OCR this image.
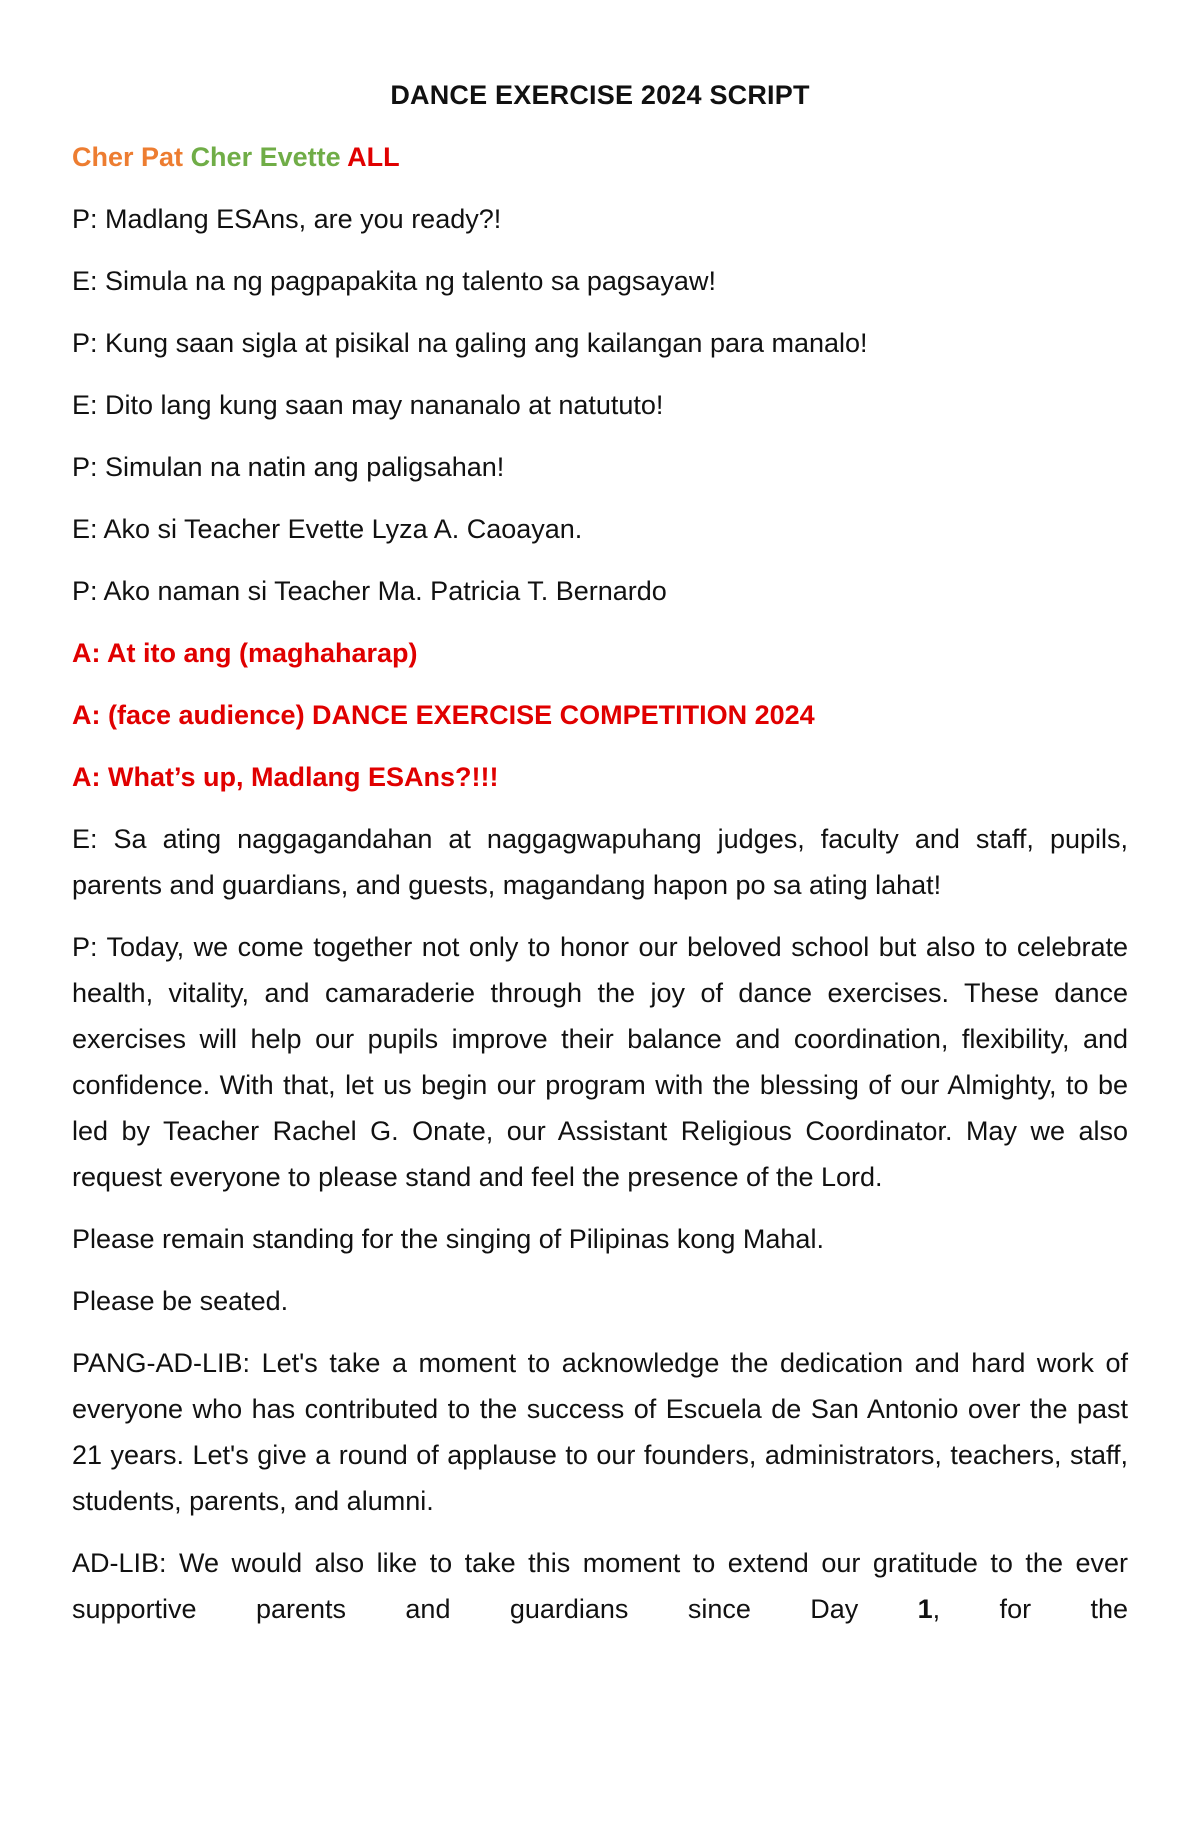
DANCE EXERCISE 2024 SCRIPT
Cher Pat Cher Evette ALL

P: Madlang ESAns, are you ready?!

E: Simula na ng pagpapakita ng talento sa pagsayaw!

P: Kung saan sigla at pisikal na galing ang kailangan para manalo!

E: Dito lang kung saan may nananalo at natututo!

P: Simulan na natin ang paligsahan!

E: Ako si Teacher Evette Lyza A. Caoayan.

P: Ako naman si Teacher Ma. Patricia T. Bernardo

A: At ito ang (maghaharap)

A: (face audience) DANCE EXERCISE COMPETITION 2024

A: What’s up, Madlang ESAns?!!!

E: Sa ating naggagandahan at naggagwapuhang judges, faculty and staff, pupils, parents and guardians, and guests, magandang hapon po sa ating lahat!

P: Today, we come together not only to honor our beloved school but also to celebrate health, vitality, and camaraderie through the joy of dance exercises. These dance exercises will help our pupils improve their balance and coordination, flexibility, and confidence. With that, let us begin our program with the blessing of our Almighty, to be led by Teacher Rachel G. Onate, our Assistant Religious Coordinator. May we also request everyone to please stand and feel the presence of the Lord.

Please remain standing for the singing of Pilipinas kong Mahal.

Please be seated.

PANG-AD-LIB: Let's take a moment to acknowledge the dedication and hard work of everyone who has contributed to the success of Escuela de San Antonio over the past 21 years. Let's give a round of applause to our founders, administrators, teachers, staff, students, parents, and alumni.

AD-LIB: We would also like to take this moment to extend our gratitude to the ever supportive parents and guardians since Day 1, for the
